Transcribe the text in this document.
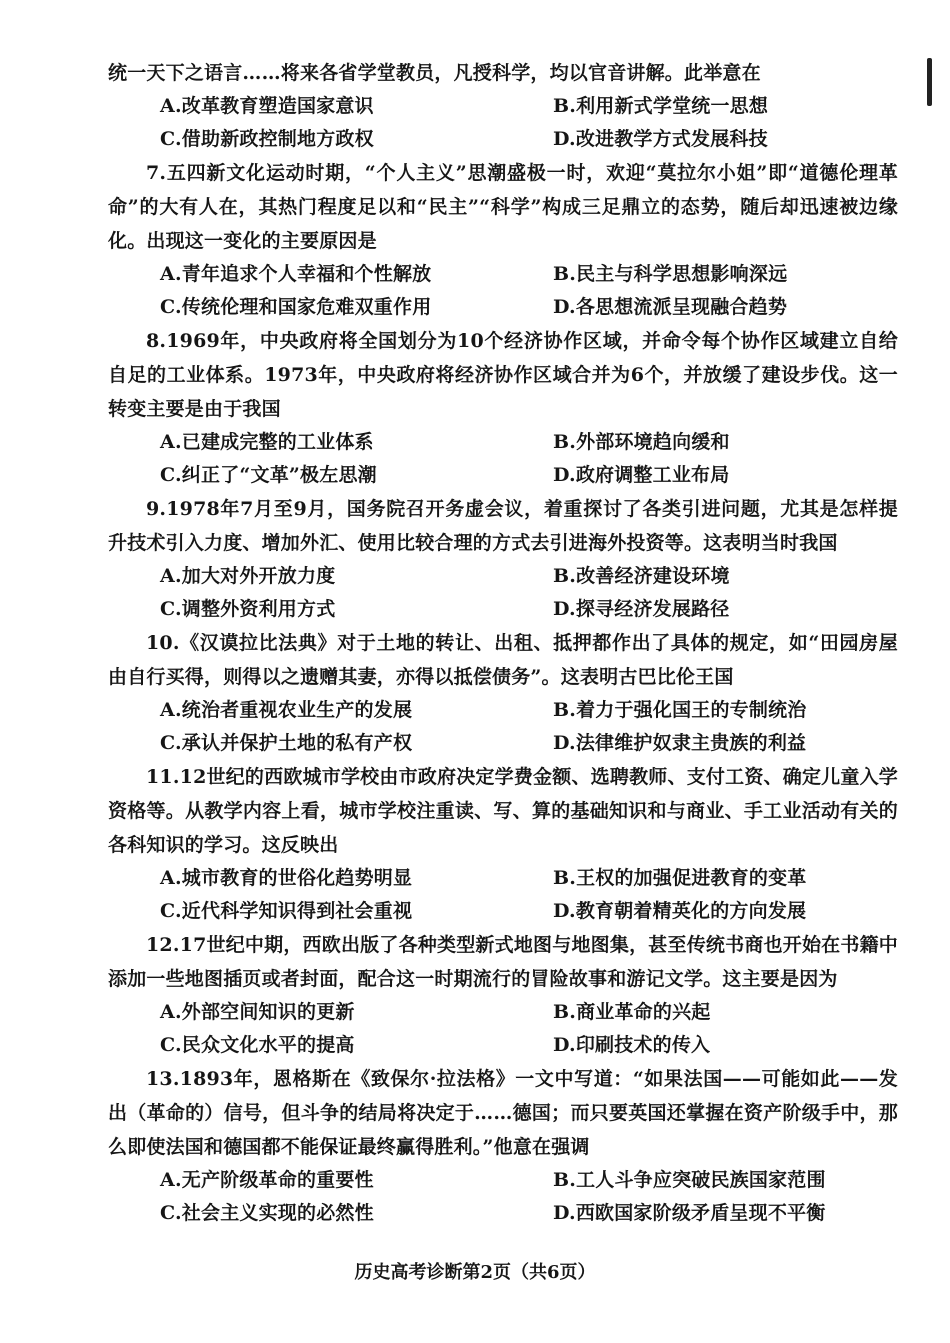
统一天下之语言……将来各省学堂教员，凡授科学，均以官音讲解。此举意在

A.改革教育塑造国家意识	B.利用新式学堂统一思想
C.借助新政控制地方政权	D.改进教学方式发展科技

7.五四新文化运动时期，“个人主义”思潮盛极一时，欢迎“莫拉尔小姐”即“道德伦理革命”的大有人在，其热门程度足以和“民主”“科学”构成三足鼎立的态势，随后却迅速被边缘化。出现这一变化的主要原因是

A.青年追求个人幸福和个性解放	B.民主与科学思想影响深远
C.传统伦理和国家危难双重作用	D.各思想流派呈现融合趋势

8.1969年，中央政府将全国划分为10个经济协作区域，并命令每个协作区域建立自给自足的工业体系。1973年，中央政府将经济协作区域合并为6个，并放缓了建设步伐。这一转变主要是由于我国

A.已建成完整的工业体系	B.外部环境趋向缓和
C.纠正了“文革”极左思潮	D.政府调整工业布局

9.1978年7月至9月，国务院召开务虚会议，着重探讨了各类引进问题，尤其是怎样提升技术引入力度、增加外汇、使用比较合理的方式去引进海外投资等。这表明当时我国

A.加大对外开放力度	B.改善经济建设环境
C.调整外资利用方式	D.探寻经济发展路径

10.《汉谟拉比法典》对于土地的转让、出租、抵押都作出了具体的规定，如“田园房屋由自行买得，则得以之遗赠其妻，亦得以抵偿债务”。这表明古巴比伦王国

A.统治者重视农业生产的发展	B.着力于强化国王的专制统治
C.承认并保护土地的私有产权	D.法律维护奴隶主贵族的利益

11.12世纪的西欧城市学校由市政府决定学费金额、选聘教师、支付工资、确定儿童入学资格等。从教学内容上看，城市学校注重读、写、算的基础知识和与商业、手工业活动有关的各科知识的学习。这反映出

A.城市教育的世俗化趋势明显	B.王权的加强促进教育的变革
C.近代科学知识得到社会重视	D.教育朝着精英化的方向发展

12.17世纪中期，西欧出版了各种类型新式地图与地图集，甚至传统书商也开始在书籍中添加一些地图插页或者封面，配合这一时期流行的冒险故事和游记文学。这主要是因为

A.外部空间知识的更新	B.商业革命的兴起
C.民众文化水平的提高	D.印刷技术的传入

13.1893年，恩格斯在《致保尔·拉法格》一文中写道：“如果法国——可能如此——发出（革命的）信号，但斗争的结局将决定于……德国；而只要英国还掌握在资产阶级手中，那么即使法国和德国都不能保证最终赢得胜利。”他意在强调

A.无产阶级革命的重要性	B.工人斗争应突破民族国家范围
C.社会主义实现的必然性	D.西欧国家阶级矛盾呈现不平衡
历史高考诊断第2页（共6页）
